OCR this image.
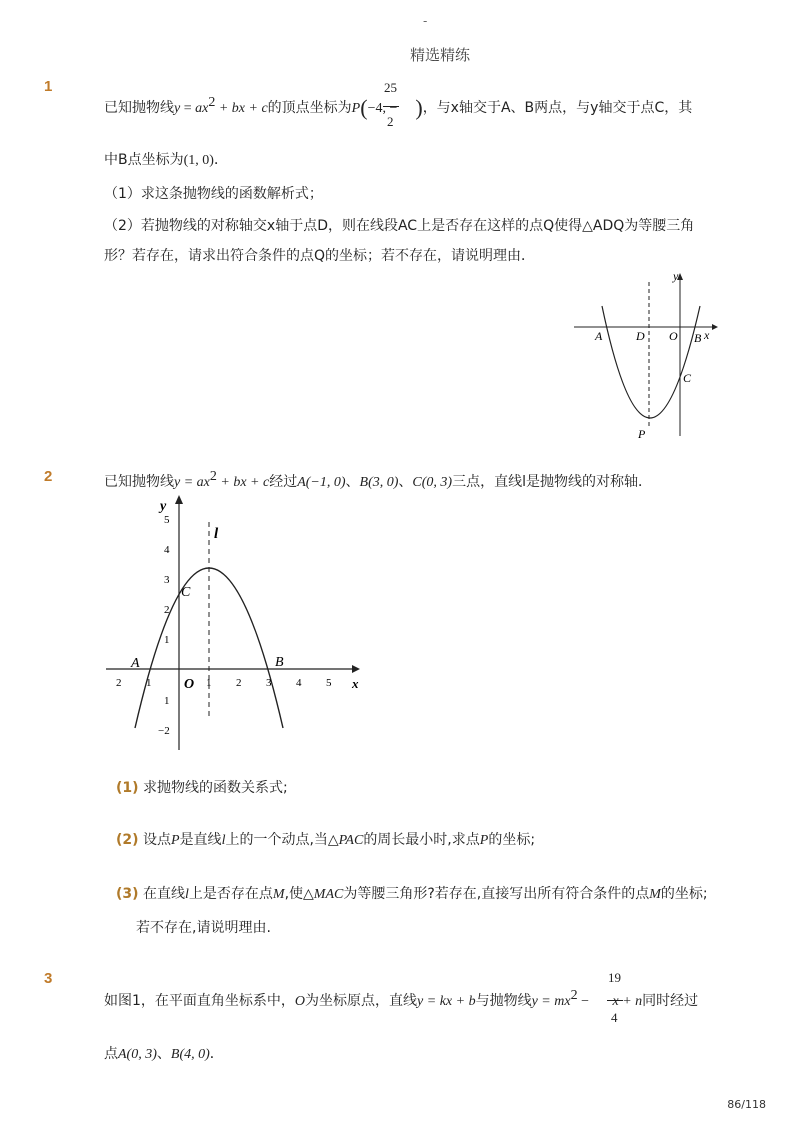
-
精选精练
1	25
2
已知抛物线$y = ax^2$ + bx + c的顶点坐标为P(−4, − )，与x轴交于A、B两点，与y轴交于点C，其
中B点坐标为(1, 0)．
（1）求这条抛物线的函数解析式；
（2）若抛物线的对称轴交x轴于点D，则在线段AC上是否存在这样的点Q使得△ADQ为等腰三角
形？若存在，请求出符合条件的点Q的坐标；若不存在，请说明理由．
y
x
A	D O B
C
P
2	已知抛物线$y = ax^2$ + bx + c经过A(−1, 0)、B(3, 0)、C(0, 3)三点，直线l是抛物线的对称轴．
5
4
3
2
1
1
−2
2 1	1 2 3 4 5
y
x
l
A	B
C
O
(1) 求抛物线的函数关系式;
(2) 设点P是直线l上的一个动点,当△PAC的周长最小时,求点P的坐标;
(3) 在直线l上是否存在点M,使△MAC为等腰三角形?若存在,直接写出所有符合条件的点M的坐标;
若不存在,请说明理由.
3	19
4
如图1，在平面直角坐标系中，O为坐标原点，直线y = kx + b与抛物线$y = mx^2 - x + n$同时经过
点A(0, 3)、B(4, 0)．
86/118
